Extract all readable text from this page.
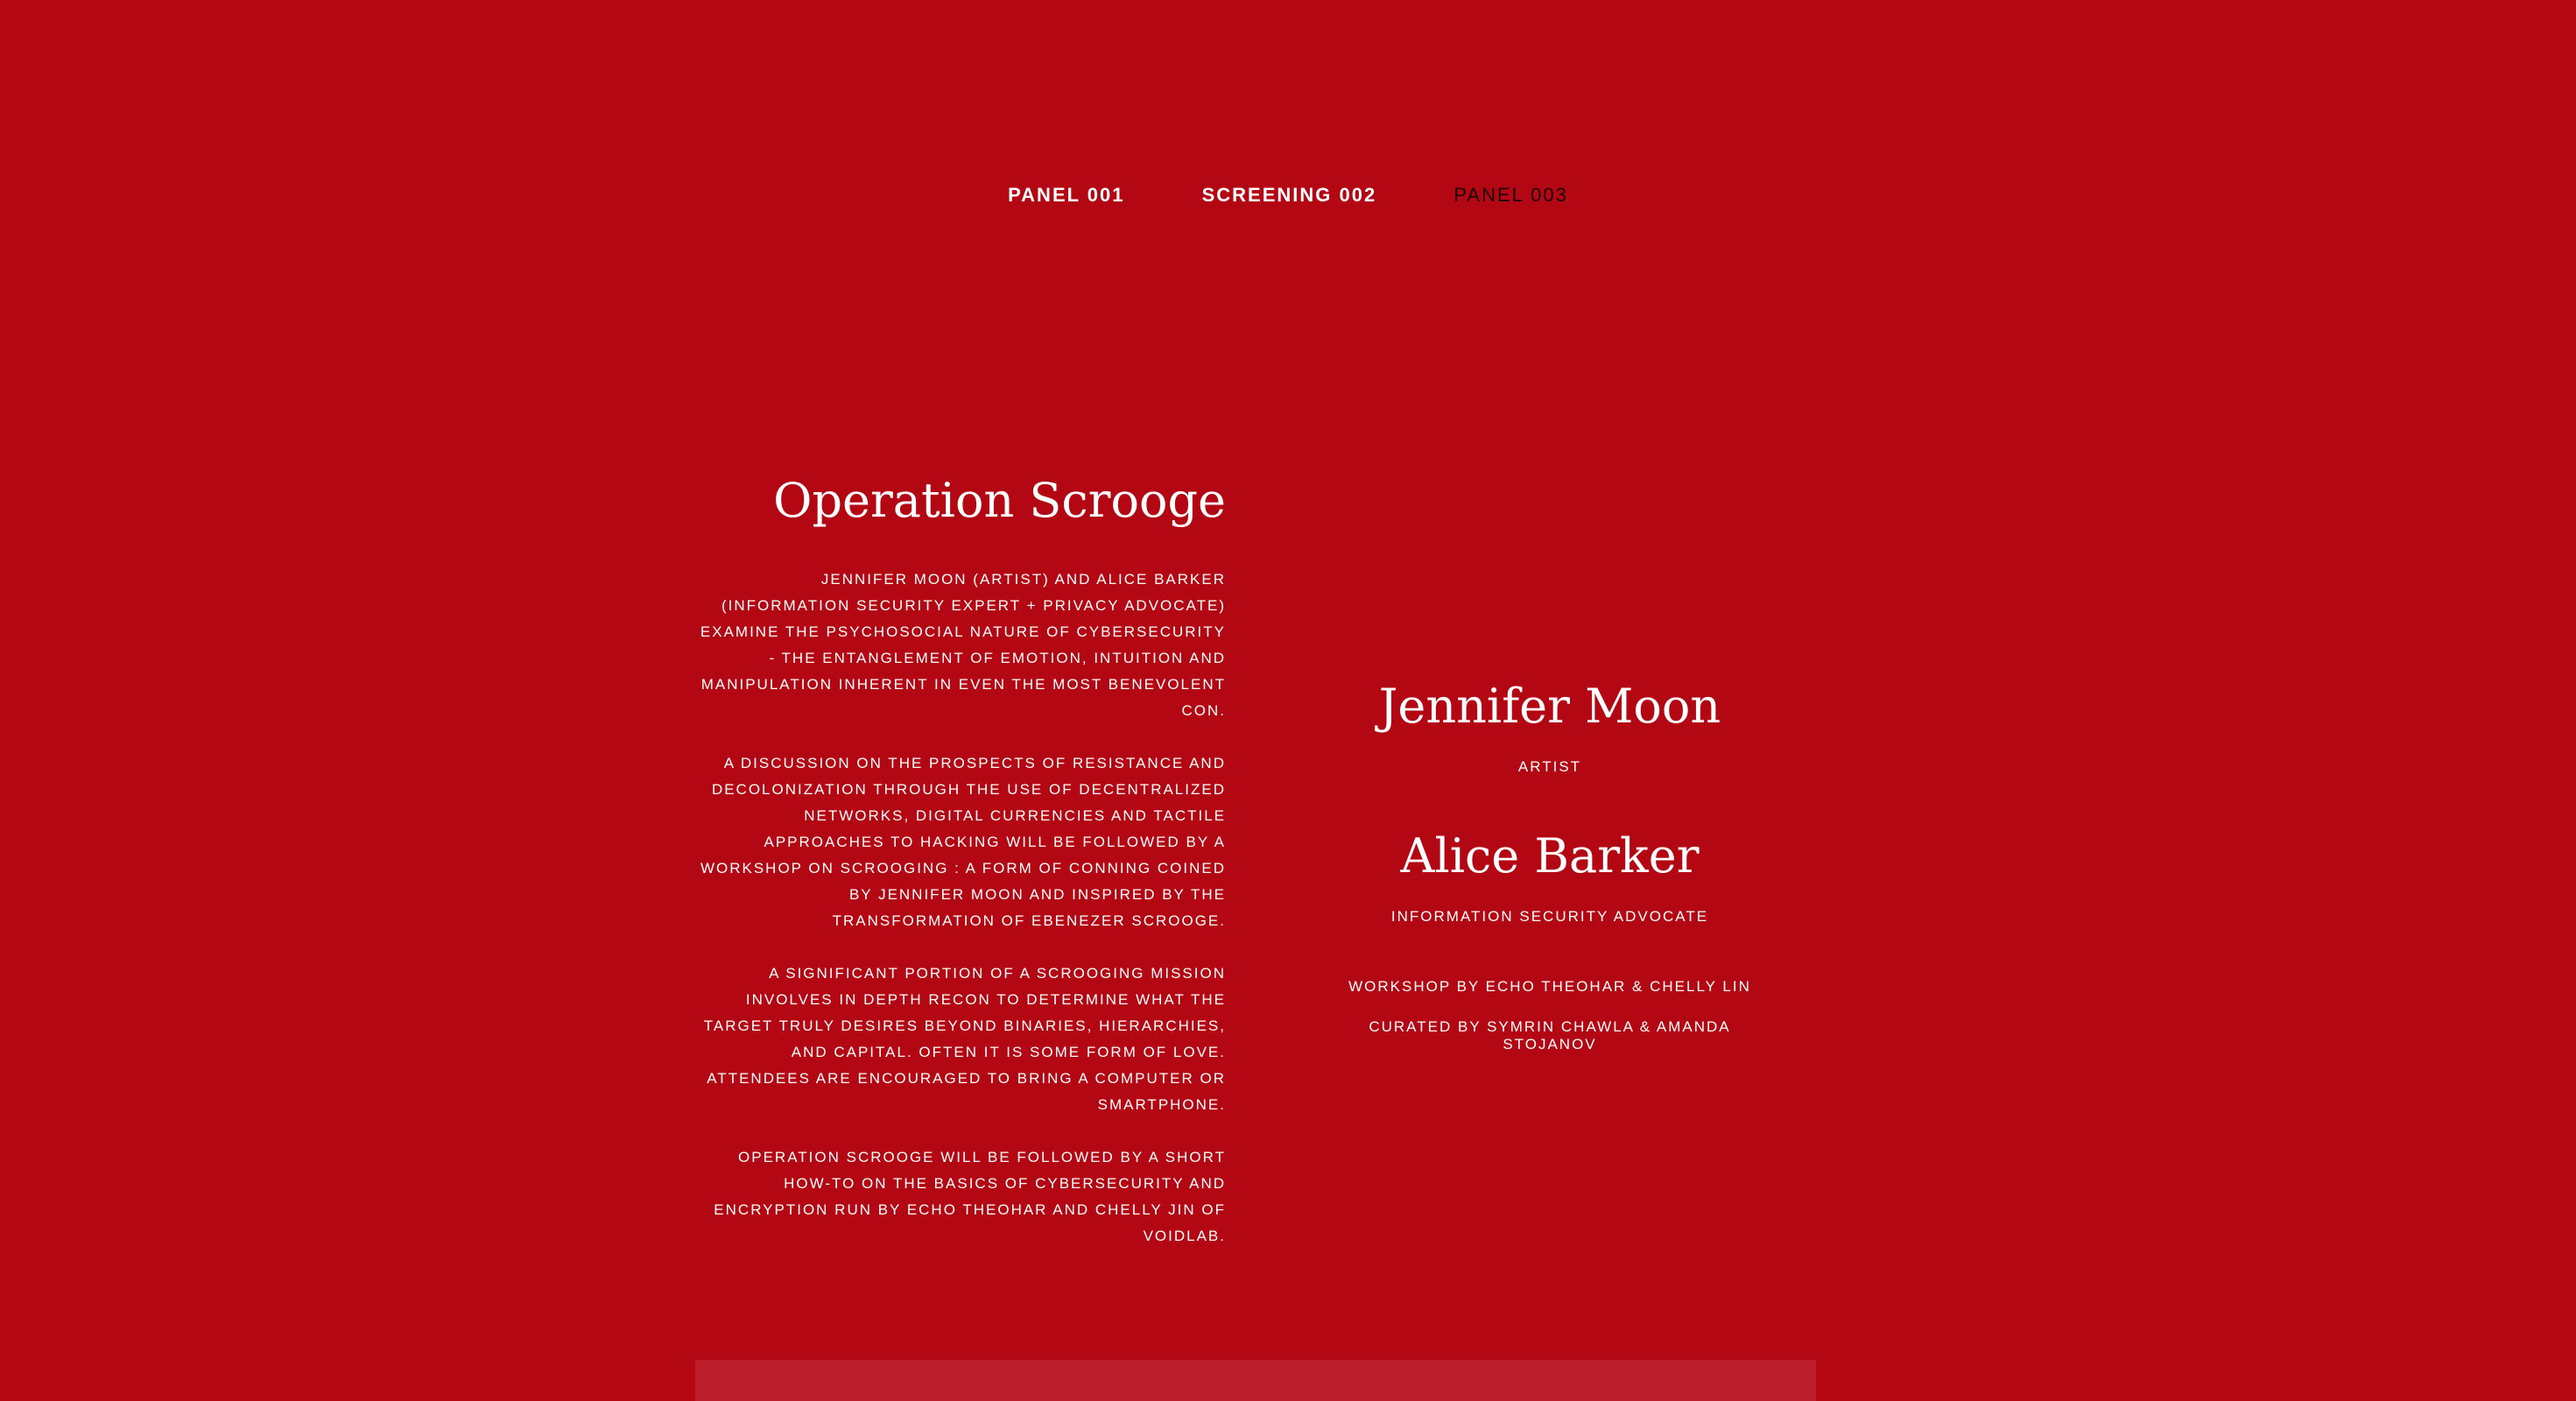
PANEL 001	SCREENING 002	PANEL 003
Operation Scrooge

JENNIFER MOON (ARTIST) AND ALICE BARKER (INFORMATION SECURITY EXPERT + PRIVACY ADVOCATE) EXAMINE THE PSYCHOSOCIAL NATURE OF CYBERSECURITY - THE ENTANGLEMENT OF EMOTION, INTUITION AND MANIPULATION INHERENT IN EVEN THE MOST BENEVOLENT CON.

A DISCUSSION ON THE PROSPECTS OF RESISTANCE AND DECOLONIZATION THROUGH THE USE OF DECENTRALIZED NETWORKS, DIGITAL CURRENCIES AND TACTILE APPROACHES TO HACKING WILL BE FOLLOWED BY A WORKSHOP ON SCROOGING : A FORM OF CONNING COINED BY JENNIFER MOON AND INSPIRED BY THE TRANSFORMATION OF EBENEZER SCROOGE.

A SIGNIFICANT PORTION OF A SCROOGING MISSION INVOLVES IN DEPTH RECON TO DETERMINE WHAT THE TARGET TRULY DESIRES BEYOND BINARIES, HIERARCHIES, AND CAPITAL. OFTEN IT IS SOME FORM OF LOVE. ATTENDEES ARE ENCOURAGED TO BRING A COMPUTER OR SMARTPHONE.

OPERATION SCROOGE WILL BE FOLLOWED BY A SHORT HOW-TO ON THE BASICS OF CYBERSECURITY AND ENCRYPTION RUN BY ECHO THEOHAR AND CHELLY JIN OF VOIDLAB.

Jennifer Moon
ARTIST
Alice Barker
INFORMATION SECURITY ADVOCATE
WORKSHOP BY ECHO THEOHAR & CHELLY LIN
CURATED BY SYMRIN CHAWLA & AMANDA STOJANOV
